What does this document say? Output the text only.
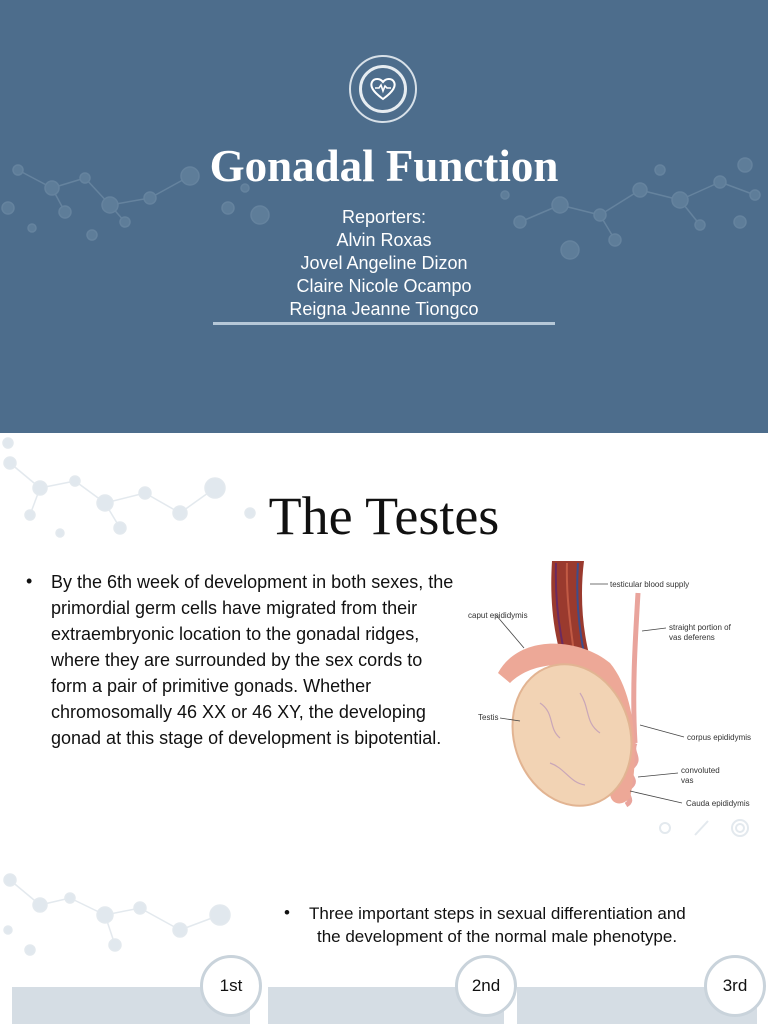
Gonadal Function
Reporters:
Alvin Roxas
Jovel Angeline Dizon
Claire Nicole Ocampo
Reigna Jeanne Tiongco
The Testes
• By the 6th week of development in both sexes, the primordial germ cells have migrated from their extraembryonic location to the gonadal ridges, where they are surrounded by the sex cords to form a pair of primitive gonads. Whether chromosomally 46 XX or 46 XY, the developing gonad at this stage of development is bipotential.
testicular blood supply
caput epididymis
straight portion of
vas deferens
Testis
corpus epididymis
convoluted
vas
Cauda epididymis
• Three important steps in sexual differentiation and
the development of the normal male phenotype.
1st	2nd	3rd
